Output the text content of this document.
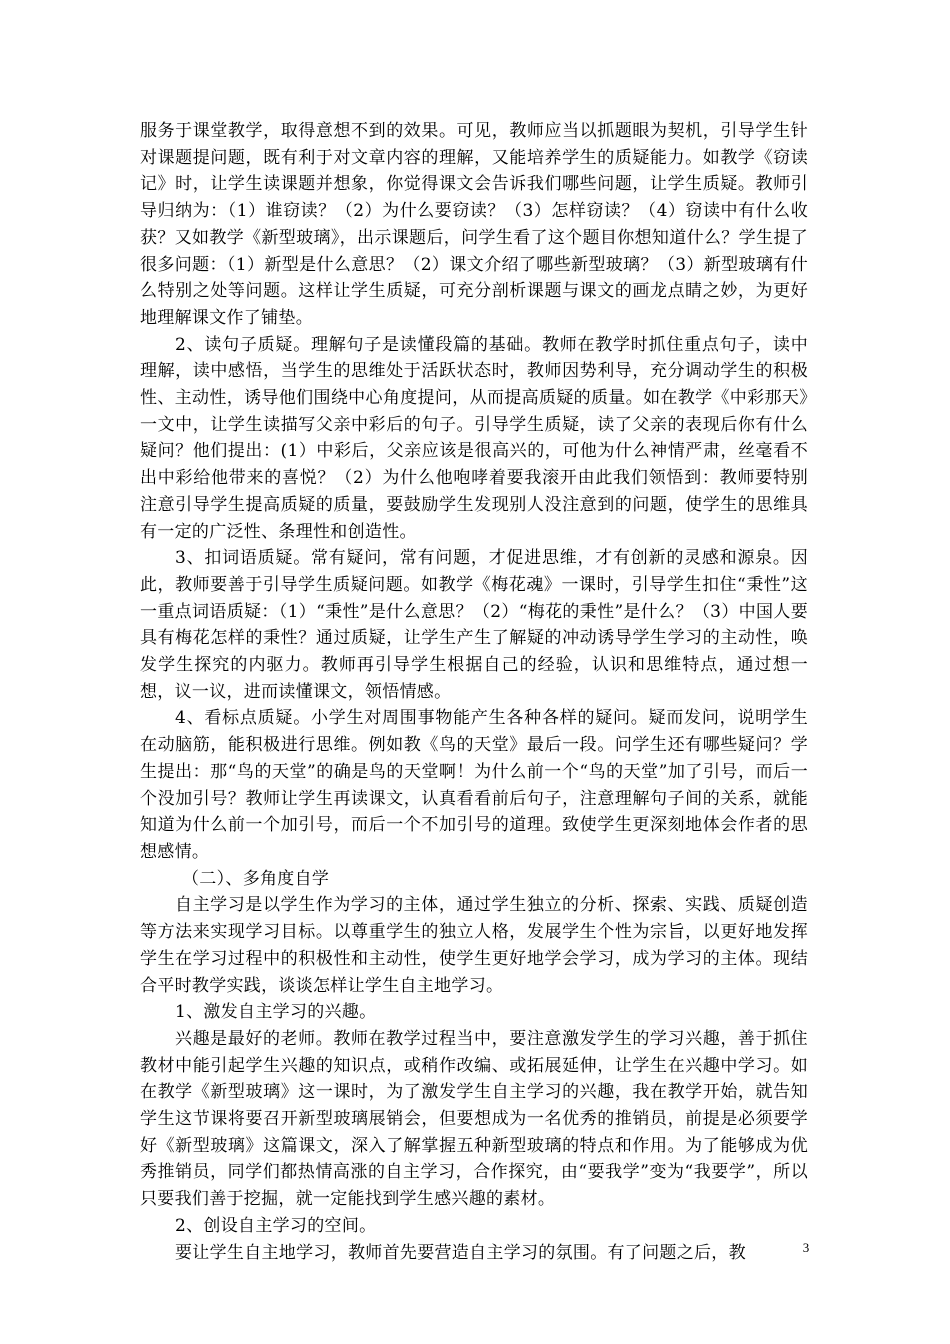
服务于课堂教学，取得意想不到的效果。可见，教师应当以抓题眼为契机，引导学生针对课题提问题，既有利于对文章内容的理解，又能培养学生的质疑能力。如教学《窃读记》时，让学生读课题并想象，你觉得课文会告诉我们哪些问题，让学生质疑。教师引导归纳为：（1）谁窃读？（2）为什么要窃读？（3）怎样窃读？（4）窃读中有什么收获？又如教学《新型玻璃》，出示课题后，问学生看了这个题目你想知道什么？学生提了很多问题：（1）新型是什么意思？（2）课文介绍了哪些新型玻璃？（3）新型玻璃有什么特别之处等问题。这样让学生质疑，可充分剖析课题与课文的画龙点睛之妙，为更好地理解课文作了铺垫。

2、读句子质疑。理解句子是读懂段篇的基础。教师在教学时抓住重点句子，读中理解，读中感悟，当学生的思维处于活跃状态时，教师因势利导，充分调动学生的积极性、主动性，诱导他们围绕中心角度提问，从而提高质疑的质量。如在教学《中彩那天》一文中，让学生读描写父亲中彩后的句子。引导学生质疑，读了父亲的表现后你有什么疑问？他们提出：(1）中彩后，父亲应该是很高兴的，可他为什么神情严肃，丝毫看不出中彩给他带来的喜悦？（2）为什么他咆哮着要我滚开由此我们领悟到：教师要特别注意引导学生提高质疑的质量，要鼓励学生发现别人没注意到的问题，使学生的思维具有一定的广泛性、条理性和创造性。

3、扣词语质疑。常有疑问，常有问题，才促进思维，才有创新的灵感和源泉。因此，教师要善于引导学生质疑问题。如教学《梅花魂》一课时，引导学生扣住“秉性”这一重点词语质疑：（1）“秉性”是什么意思？（2）“梅花的秉性”是什么？（3）中国人要具有梅花怎样的秉性？通过质疑，让学生产生了解疑的冲动诱导学生学习的主动性，唤发学生探究的内驱力。教师再引导学生根据自己的经验，认识和思维特点，通过想一想，议一议，进而读懂课文，领悟情感。

4、看标点质疑。小学生对周围事物能产生各种各样的疑问。疑而发问，说明学生在动脑筋，能积极进行思维。例如教《鸟的天堂》最后一段。问学生还有哪些疑问？学生提出：那“鸟的天堂”的确是鸟的天堂啊！为什么前一个“鸟的天堂”加了引号，而后一个没加引号？教师让学生再读课文，认真看看前后句子，注意理解句子间的关系，就能知道为什么前一个加引号，而后一个不加引号的道理。致使学生更深刻地体会作者的思想感情。

（二）、多角度自学

自主学习是以学生作为学习的主体，通过学生独立的分析、探索、实践、质疑创造等方法来实现学习目标。以尊重学生的独立人格，发展学生个性为宗旨，以更好地发挥学生在学习过程中的积极性和主动性，使学生更好地学会学习，成为学习的主体。现结合平时教学实践，谈谈怎样让学生自主地学习。

1、激发自主学习的兴趣。

兴趣是最好的老师。教师在教学过程当中，要注意激发学生的学习兴趣，善于抓住教材中能引起学生兴趣的知识点，或稍作改编、或拓展延伸，让学生在兴趣中学习。如在教学《新型玻璃》这一课时，为了激发学生自主学习的兴趣，我在教学开始，就告知学生这节课将要召开新型玻璃展销会，但要想成为一名优秀的推销员，前提是必须要学好《新型玻璃》这篇课文，深入了解掌握五种新型玻璃的特点和作用。为了能够成为优秀推销员，同学们都热情高涨的自主学习，合作探究，由“要我学”变为“我要学”，所以只要我们善于挖掘，就一定能找到学生感兴趣的素材。

2、创设自主学习的空间。

要让学生自主地学习，教师首先要营造自主学习的氛围。有了问题之后，教	3
